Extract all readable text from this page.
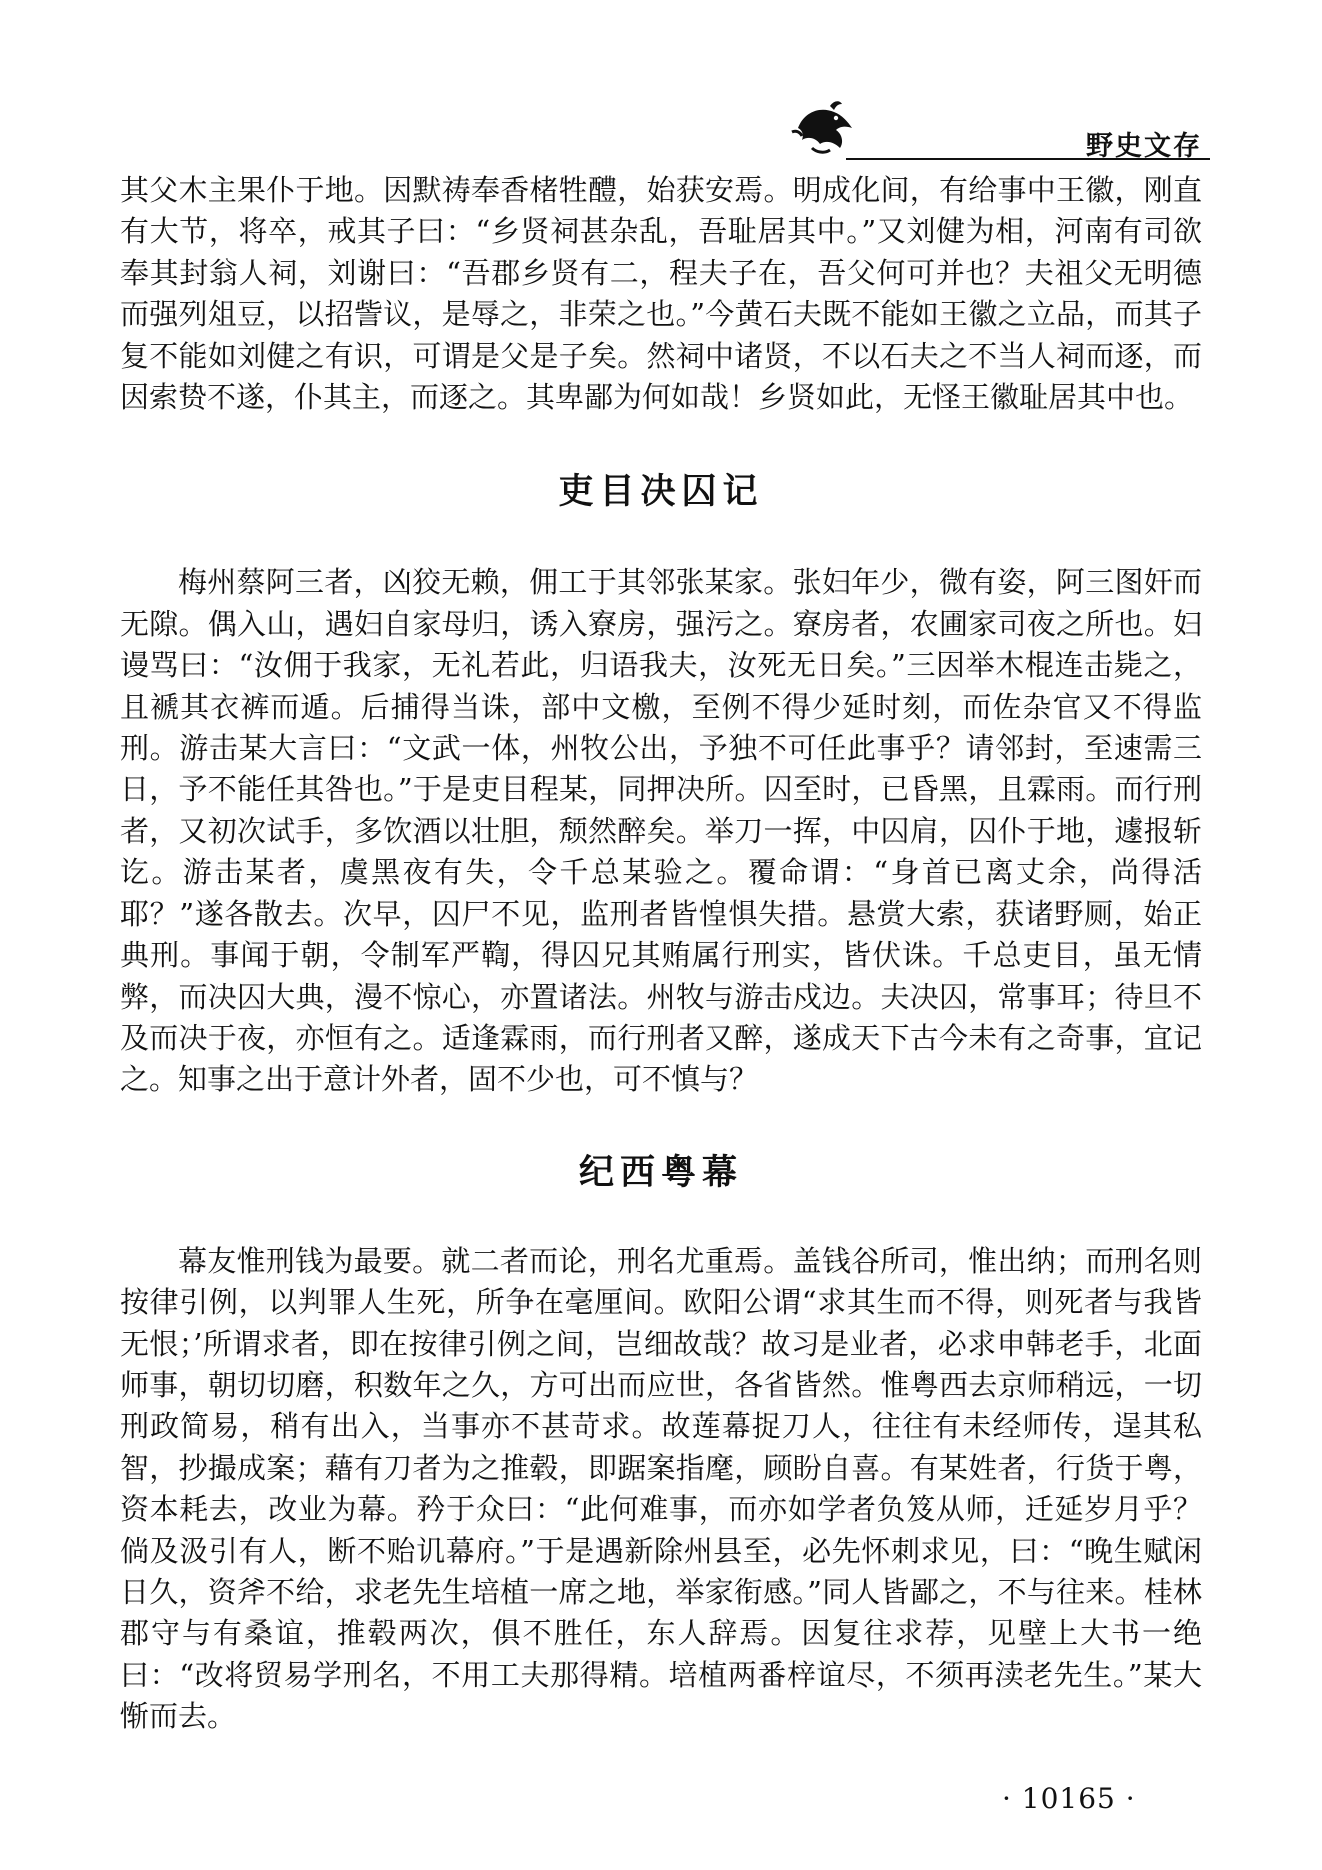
野史文存

其父木主果仆于地。因默祷奉香楮牲醴，始获安焉。明成化间，有给事中王徽，刚直有大节，将卒，戒其子曰：“乡贤祠甚杂乱，吾耻居其中。”又刘健为相，河南有司欲奉其封翁人祠，刘谢曰：“吾郡乡贤有二，程夫子在，吾父何可并也？夫祖父无明德而强列俎豆，以招訾议，是辱之，非荣之也。”今黄石夫既不能如王徽之立品，而其子复不能如刘健之有识，可谓是父是子矣。然祠中诸贤，不以石夫之不当人祠而逐，而因索贽不遂，仆其主，而逐之。其卑鄙为何如哉！乡贤如此，无怪王徽耻居其中也。

吏目决囚记

梅州蔡阿三者，凶狡无赖，佣工于其邻张某家。张妇年少，微有姿，阿三图奸而无隙。偶入山，遇妇自家母归，诱入寮房，强污之。寮房者，农圃家司夜之所也。妇谩骂曰：“汝佣于我家，无礼若此，归语我夫，汝死无日矣。”三因举木棍连击毙之，且褫其衣裤而遁。后捕得当诛，部中文檄，至例不得少延时刻，而佐杂官又不得监刑。游击某大言曰：“文武一体，州牧公出，予独不可任此事乎？请邻封，至速需三日，予不能任其咎也。”于是吏目程某，同押决所。囚至时，已昏黑，且霖雨。而行刑者，又初次试手，多饮酒以壮胆，颓然醉矣。举刀一挥，中囚肩，囚仆于地，遽报斩讫。游击某者，虞黑夜有失，令千总某验之。覆命谓：“身首已离丈余，尚得活耶？”遂各散去。次早，囚尸不见，监刑者皆惶惧失措。悬赏大索，获诸野厕，始正典刑。事闻于朝，令制军严鞫，得囚兄其贿属行刑实，皆伏诛。千总吏目，虽无情弊，而决囚大典，漫不惊心，亦置诸法。州牧与游击戍边。夫决囚，常事耳；待旦不及而决于夜，亦恒有之。适逢霖雨，而行刑者又醉，遂成天下古今未有之奇事，宜记之。知事之出于意计外者，固不少也，可不慎与？

纪西粤幕

幕友惟刑钱为最要。就二者而论，刑名尤重焉。盖钱谷所司，惟出纳；而刑名则按律引例，以判罪人生死，所争在毫厘间。欧阳公谓“求其生而不得，则死者与我皆无恨；’所谓求者，即在按律引例之间，岂细故哉？故习是业者，必求申韩老手，北面师事，朝切切磨，积数年之久，方可出而应世，各省皆然。惟粤西去京师稍远，一切刑政简易，稍有出入，当事亦不甚苛求。故莲幕捉刀人，往往有未经师传，逞其私智，抄撮成案；藉有刀者为之推毂，即踞案指麾，顾盼自喜。有某姓者，行货于粤，资本耗去，改业为幕。矜于众曰：“此何难事，而亦如学者负笈从师，迁延岁月乎？倘及汲引有人，断不贻讥幕府。”于是遇新除州县至，必先怀刺求见，曰：“晚生赋闲日久，资斧不给，求老先生培植一席之地，举家衔感。”同人皆鄙之，不与往来。桂林郡守与有桑谊，推毂两次，俱不胜任，东人辞焉。因复往求荐，见壁上大书一绝曰：“改将贸易学刑名，不用工夫那得精。培植两番梓谊尽，不须再渎老先生。”某大惭而去。

· 10165 ·
